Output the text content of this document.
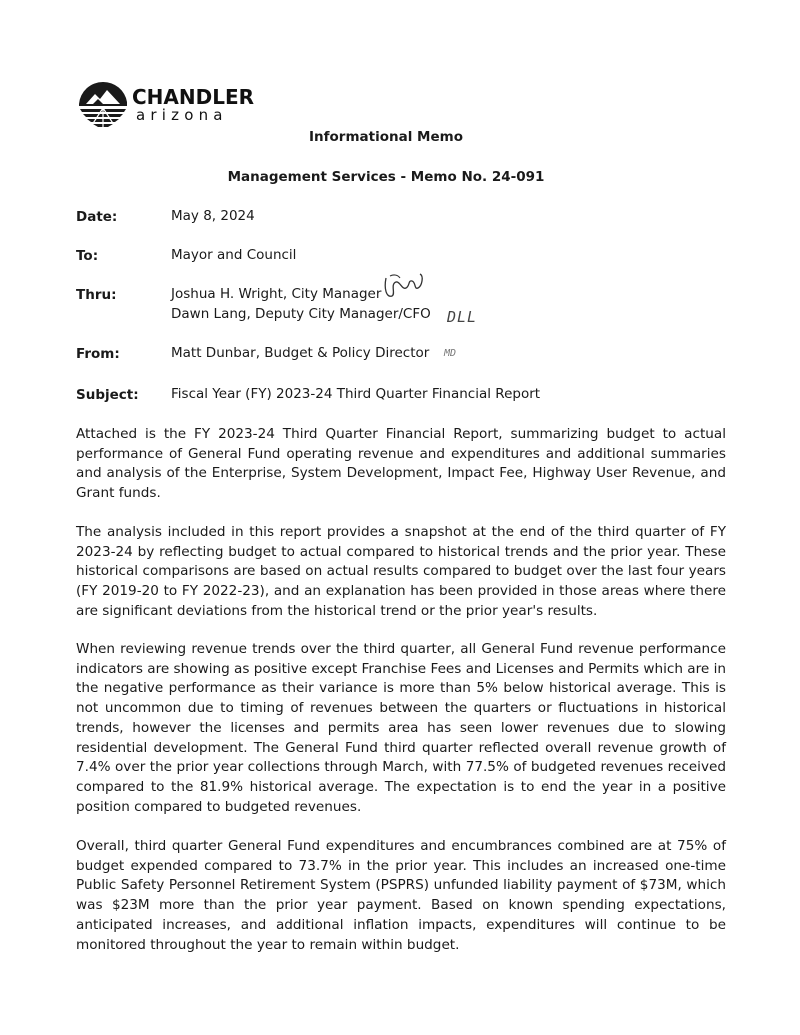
CHANDLER
arizona
Informational Memo
Management Services - Memo No. 24-091
Date:	May 8, 2024
To:	Mayor and Council
Thru:	Joshua H. Wright, City Manager
Dawn Lang, Deputy City Manager/CFO DLL
From:	Matt Dunbar, Budget & Policy Director MD
Subject: Fiscal Year (FY) 2023-24 Third Quarter Financial Report

Attached is the FY 2023-24 Third Quarter Financial Report, summarizing budget to actual performance of General Fund operating revenue and expenditures and additional summaries and analysis of the Enterprise, System Development, Impact Fee, Highway User Revenue, and Grant funds.

The analysis included in this report provides a snapshot at the end of the third quarter of FY 2023-24 by reflecting budget to actual compared to historical trends and the prior year. These historical comparisons are based on actual results compared to budget over the last four years (FY 2019-20 to FY 2022-23), and an explanation has been provided in those areas where there are significant deviations from the historical trend or the prior year's results.

When reviewing revenue trends over the third quarter, all General Fund revenue performance indicators are showing as positive except Franchise Fees and Licenses and Permits which are in the negative performance as their variance is more than 5% below historical average. This is not uncommon due to timing of revenues between the quarters or fluctuations in historical trends, however the licenses and permits area has seen lower revenues due to slowing residential development. The General Fund third quarter reflected overall revenue growth of 7.4% over the prior year collections through March, with 77.5% of budgeted revenues received compared to the 81.9% historical average. The expectation is to end the year in a positive position compared to budgeted revenues.

Overall, third quarter General Fund expenditures and encumbrances combined are at 75% of budget expended compared to 73.7% in the prior year. This includes an increased one-time Public Safety Personnel Retirement System (PSPRS) unfunded liability payment of $73M, which was $23M more than the prior year payment. Based on known spending expectations, anticipated increases, and additional inflation impacts, expenditures will continue to be monitored throughout the year to remain within budget.
